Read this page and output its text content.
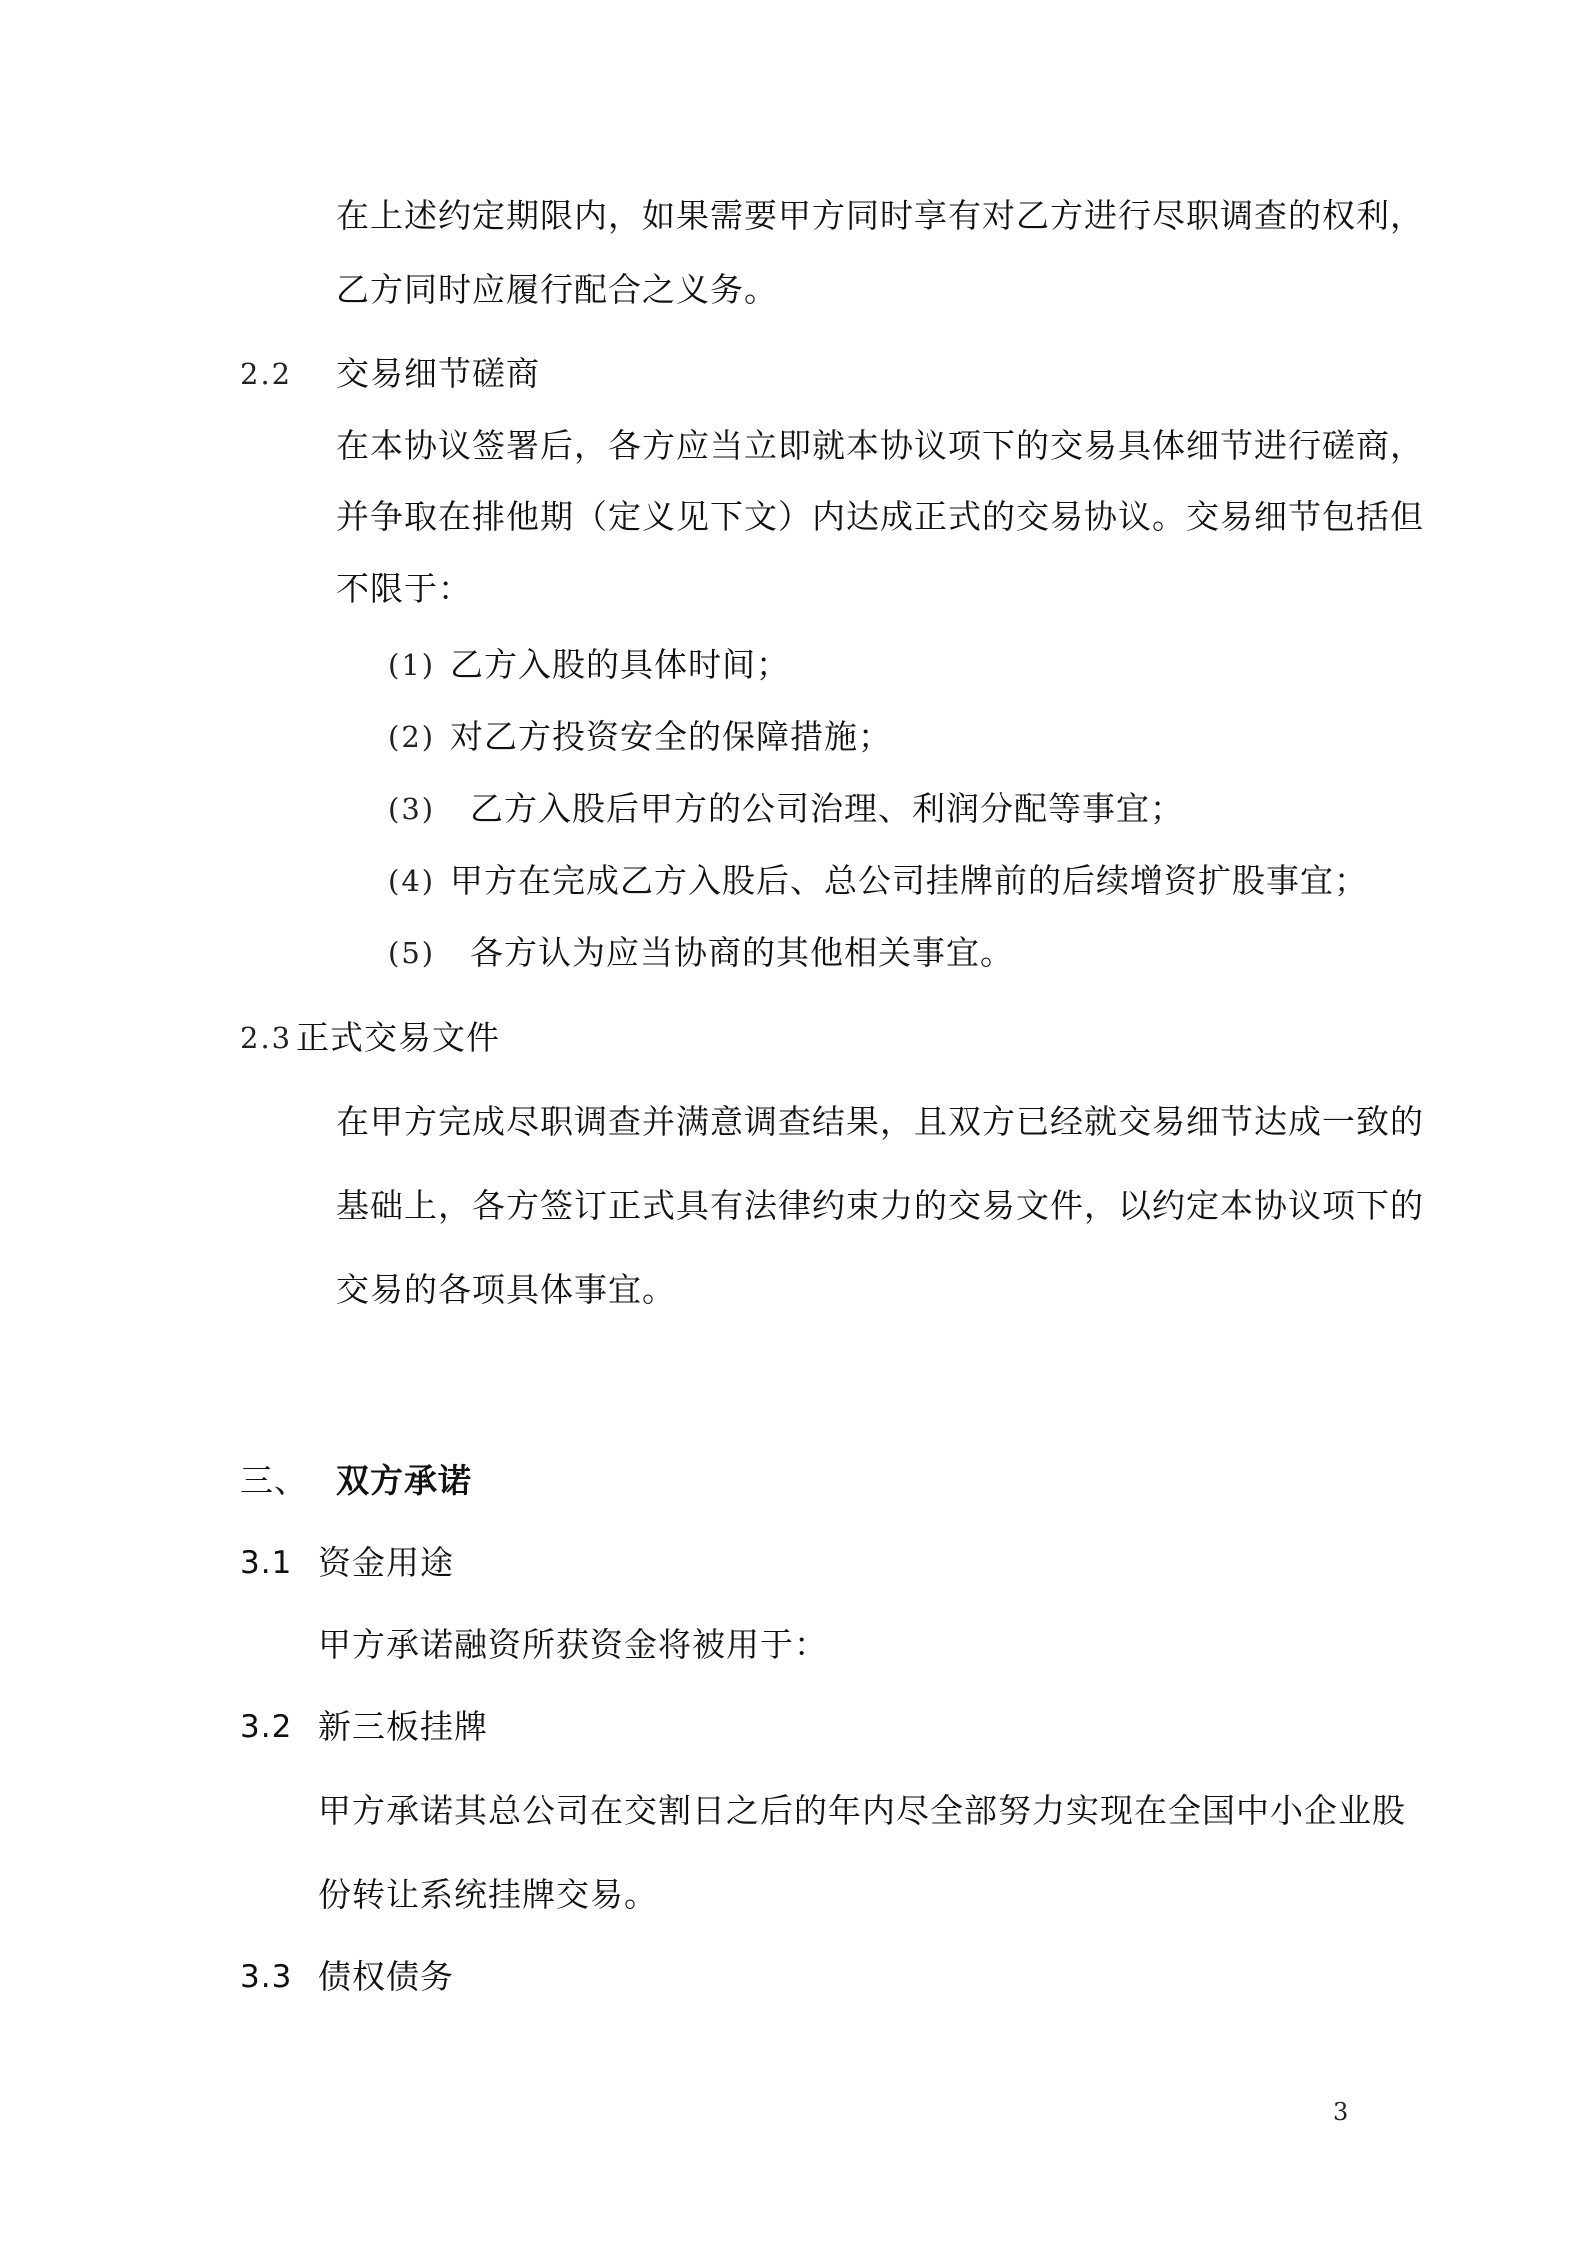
在上述约定期限内，如果需要甲方同时享有对乙方进行尽职调查的权利，
乙方同时应履行配合之义务。
2.2 交易细节磋商
在本协议签署后，各方应当立即就本协议项下的交易具体细节进行磋商，
并争取在排他期（定义见下文）内达成正式的交易协议。交易细节包括但
不限于：
(1) 乙方入股的具体时间；
(2) 对乙方投资安全的保障措施；
(3) 乙方入股后甲方的公司治理、利润分配等事宜；
(4) 甲方在完成乙方入股后、总公司挂牌前的后续增资扩股事宜；
(5) 各方认为应当协商的其他相关事宜。
2.3 正式交易文件
在甲方完成尽职调查并满意调查结果，且双方已经就交易细节达成一致的
基础上，各方签订正式具有法律约束力的交易文件，以约定本协议项下的
交易的各项具体事宜。
三、 双方承诺
3.1 资金用途
甲方承诺融资所获资金将被用于：
3.2 新三板挂牌
甲方承诺其总公司在交割日之后的年内尽全部努力实现在全国中小企业股
份转让系统挂牌交易。
3.3 债权债务
3
